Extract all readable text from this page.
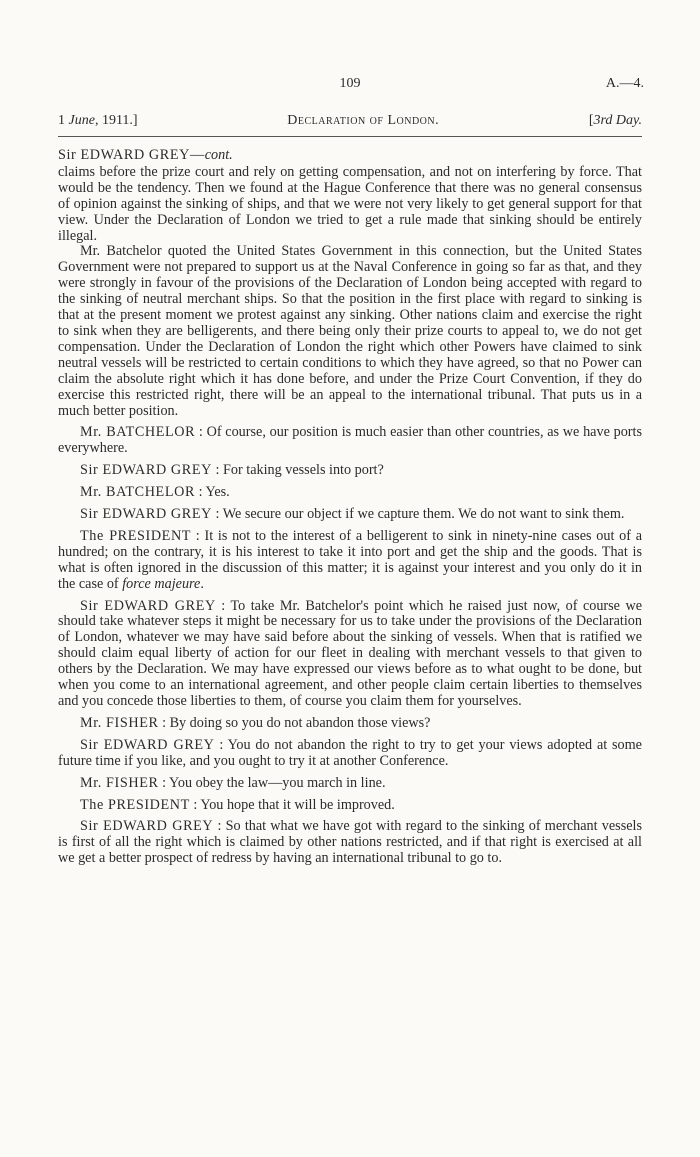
109	A.—4.
1 June, 1911.]	Declaration of London.	[3rd Day.

Sir EDWARD GREY—cont.

claims before the prize court and rely on getting compensation, and not on interfering by force. That would be the tendency. Then we found at the Hague Conference that there was no general consensus of opinion against the sinking of ships, and that we were not very likely to get general support for that view. Under the Declaration of London we tried to get a rule made that sinking should be entirely illegal.

Mr. Batchelor quoted the United States Government in this connection, but the United States Government were not prepared to support us at the Naval Conference in going so far as that, and they were strongly in favour of the provisions of the Declaration of London being accepted with regard to the sinking of neutral merchant ships. So that the position in the first place with regard to sinking is that at the present moment we protest against any sinking. Other nations claim and exercise the right to sink when they are belligerents, and there being only their prize courts to appeal to, we do not get compensation. Under the Declaration of London the right which other Powers have claimed to sink neutral vessels will be restricted to certain conditions to which they have agreed, so that no Power can claim the absolute right which it has done before, and under the Prize Court Convention, if they do exercise this restricted right, there will be an appeal to the international tribunal. That puts us in a much better position.

Mr. BATCHELOR : Of course, our position is much easier than other countries, as we have ports everywhere.

Sir EDWARD GREY : For taking vessels into port?

Mr. BATCHELOR : Yes.

Sir EDWARD GREY : We secure our object if we capture them. We do not want to sink them.

The PRESIDENT : It is not to the interest of a belligerent to sink in ninety-nine cases out of a hundred; on the contrary, it is his interest to take it into port and get the ship and the goods. That is what is often ignored in the discussion of this matter; it is against your interest and you only do it in the case of force majeure.

Sir EDWARD GREY : To take Mr. Batchelor's point which he raised just now, of course we should take whatever steps it might be necessary for us to take under the provisions of the Declaration of London, whatever we may have said before about the sinking of vessels. When that is ratified we should claim equal liberty of action for our fleet in dealing with merchant vessels to that given to others by the Declaration. We may have expressed our views before as to what ought to be done, but when you come to an international agreement, and other people claim certain liberties to themselves and you concede those liberties to them, of course you claim them for yourselves.

Mr. FISHER : By doing so you do not abandon those views?

Sir EDWARD GREY : You do not abandon the right to try to get your views adopted at some future time if you like, and you ought to try it at another Conference.

Mr. FISHER : You obey the law—you march in line.

The PRESIDENT : You hope that it will be improved.

Sir EDWARD GREY : So that what we have got with regard to the sinking of merchant vessels is first of all the right which is claimed by other nations restricted, and if that right is exercised at all we get a better prospect of redress by having an international tribunal to go to.
